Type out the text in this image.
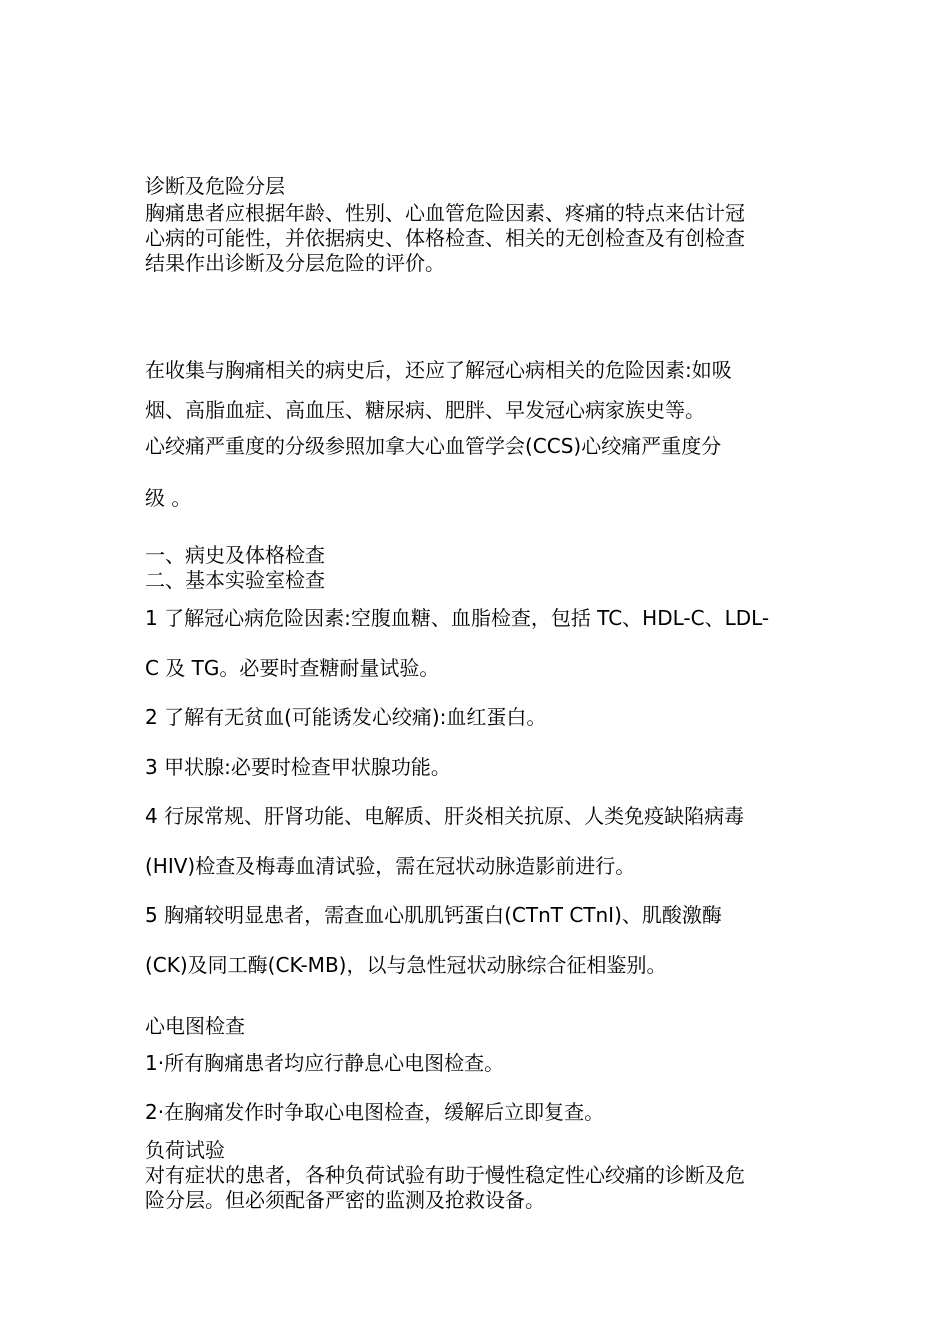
诊断及危险分层
胸痛患者应根据年龄、性别、心血管危险因素、疼痛的特点来估计冠
心病的可能性，并依据病史、体格检查、相关的无创检查及有创检查
结果作出诊断及分层危险的评价。
在收集与胸痛相关的病史后，还应了解冠心病相关的危险因素:如吸
烟、高脂血症、高血压、糖尿病、肥胖、早发冠心病家族史等。
心绞痛严重度的分级参照加拿大心血管学会(CCS)心绞痛严重度分
级 。
一、病史及体格检查
二、基本实验室检查
1 了解冠心病危险因素:空腹血糖、血脂检查，包括 TC、HDL-C、LDL-
C 及 TG。必要时查糖耐量试验。
2 了解有无贫血(可能诱发心绞痛):血红蛋白。
3 甲状腺:必要时检查甲状腺功能。
4 行尿常规、肝肾功能、电解质、肝炎相关抗原、人类免疫缺陷病毒
(HIV)检查及梅毒血清试验，需在冠状动脉造影前进行。
5 胸痛较明显患者，需查血心肌肌钙蛋白(CTnT CTnI)、肌酸激酶
(CK)及同工酶(CK-MB)，以与急性冠状动脉综合征相鉴别。
心电图检查
1·所有胸痛患者均应行静息心电图检查。
2·在胸痛发作时争取心电图检查，缓解后立即复查。
负荷试验
对有症状的患者，各种负荷试验有助于慢性稳定性心绞痛的诊断及危
险分层。但必须配备严密的监测及抢救设备。
